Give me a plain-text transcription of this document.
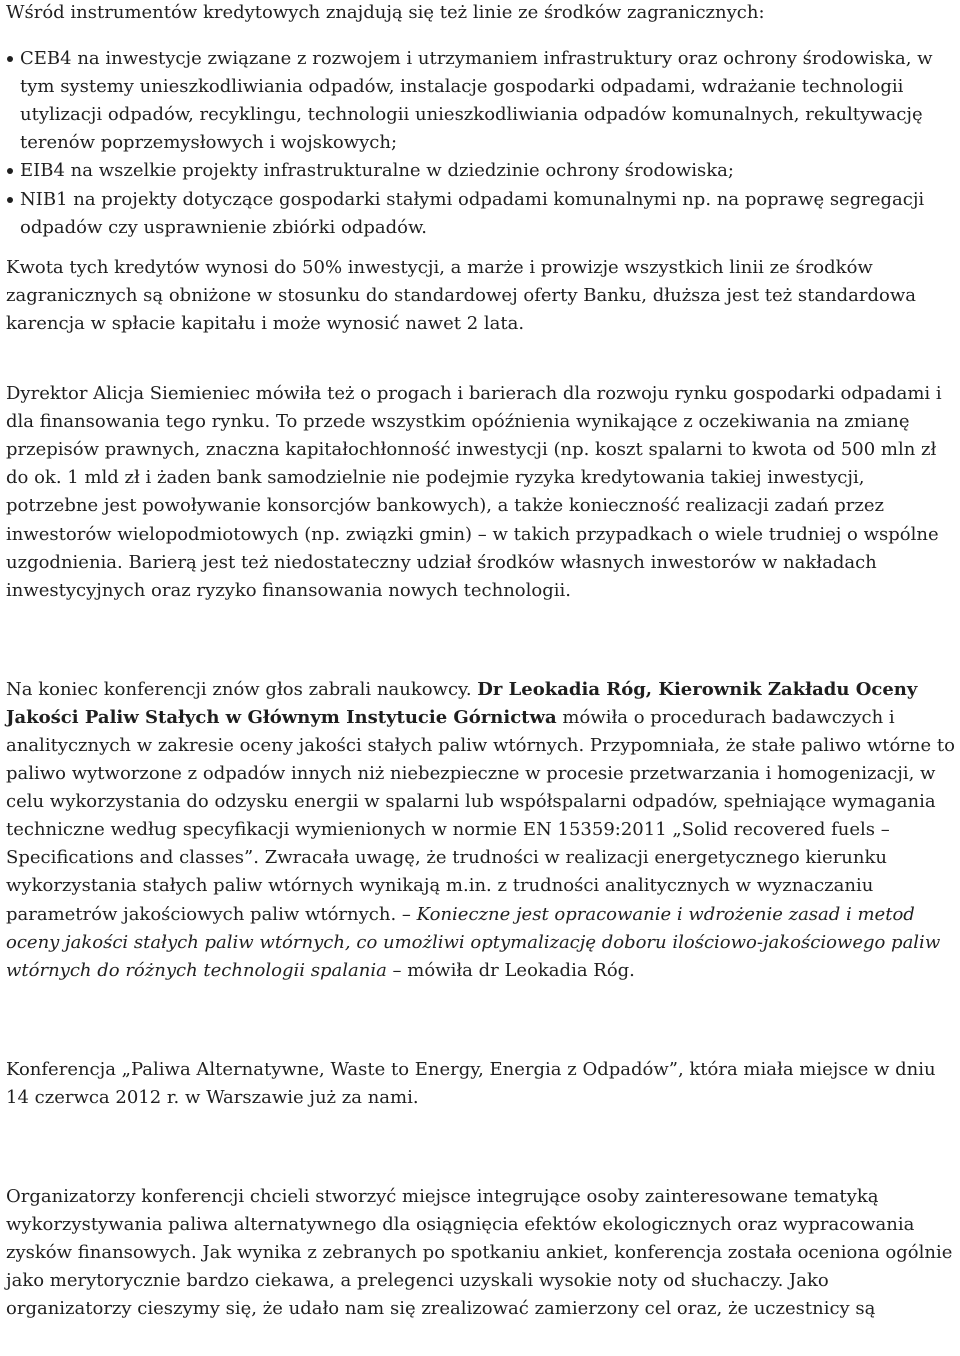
Wśród instrumentów kredytowych znajdują się też linie ze środków zagranicznych:

CEB4 na inwestycje związane z rozwojem i utrzymaniem infrastruktury oraz ochrony środowiska, w tym systemy unieszkodliwiania odpadów, instalacje gospodarki odpadami, wdrażanie technologii utylizacji odpadów, recyklingu, technologii unieszkodliwiania odpadów komunalnych, rekultywację terenów poprzemysłowych i wojskowych;
EIB4 na wszelkie projekty infrastrukturalne w dziedzinie ochrony środowiska;
NIB1 na projekty dotyczące gospodarki stałymi odpadami komunalnymi np. na poprawę segregacji odpadów czy usprawnienie zbiórki odpadów.

Kwota tych kredytów wynosi do 50% inwestycji, a marże i prowizje wszystkich linii ze środków zagranicznych są obniżone w stosunku do standardowej oferty Banku, dłuższa jest też standardowa karencja w spłacie kapitału i może wynosić nawet 2 lata.

Dyrektor Alicja Siemieniec mówiła też o progach i barierach dla rozwoju rynku gospodarki odpadami i dla finansowania tego rynku. To przede wszystkim opóźnienia wynikające z oczekiwania na zmianę przepisów prawnych, znaczna kapitałochłonność inwestycji (np. koszt spalarni to kwota od 500 mln zł do ok. 1 mld zł i żaden bank samodzielnie nie podejmie ryzyka kredytowania takiej inwestycji, potrzebne jest powoływanie konsorcjów bankowych), a także konieczność realizacji zadań przez inwestorów wielopodmiotowych (np. związki gmin) – w takich przypadkach o wiele trudniej o wspólne uzgodnienia. Barierą jest też niedostateczny udział środków własnych inwestorów w nakładach inwestycyjnych oraz ryzyko finansowania nowych technologii.

Na koniec konferencji znów głos zabrali naukowcy. Dr Leokadia Róg, Kierownik Zakładu Oceny Jakości Paliw Stałych w Głównym Instytucie Górnictwa mówiła o procedurach badawczych i analitycznych w zakresie oceny jakości stałych paliw wtórnych. Przypomniała, że stałe paliwo wtórne to paliwo wytworzone z odpadów innych niż niebezpieczne w procesie przetwarzania i homogenizacji, w celu wykorzystania do odzysku energii w spalarni lub współspalarni odpadów, spełniające wymagania techniczne według specyfikacji wymienionych w normie EN 15359:2011 „Solid recovered fuels – Specifications and classes”. Zwracała uwagę, że trudności w realizacji energetycznego kierunku wykorzystania stałych paliw wtórnych wynikają m.in. z trudności analitycznych w wyznaczaniu parametrów jakościowych paliw wtórnych. – Konieczne jest opracowanie i wdrożenie zasad i metod oceny jakości stałych paliw wtórnych, co umożliwi optymalizację doboru ilościowo-jakościowego paliw wtórnych do różnych technologii spalania – mówiła dr Leokadia Róg.

Konferencja „Paliwa Alternatywne, Waste to Energy, Energia z Odpadów”, która miała miejsce w dniu 14 czerwca 2012 r. w Warszawie już za nami.

Organizatorzy konferencji chcieli stworzyć miejsce integrujące osoby zainteresowane tematyką wykorzystywania paliwa alternatywnego dla osiągnięcia efektów ekologicznych oraz wypracowania zysków finansowych. Jak wynika z zebranych po spotkaniu ankiet, konferencja została oceniona ogólnie jako merytorycznie bardzo ciekawa, a prelegenci uzyskali wysokie noty od słuchaczy. Jako organizatorzy cieszymy się, że udało nam się zrealizować zamierzony cel oraz, że uczestnicy są
